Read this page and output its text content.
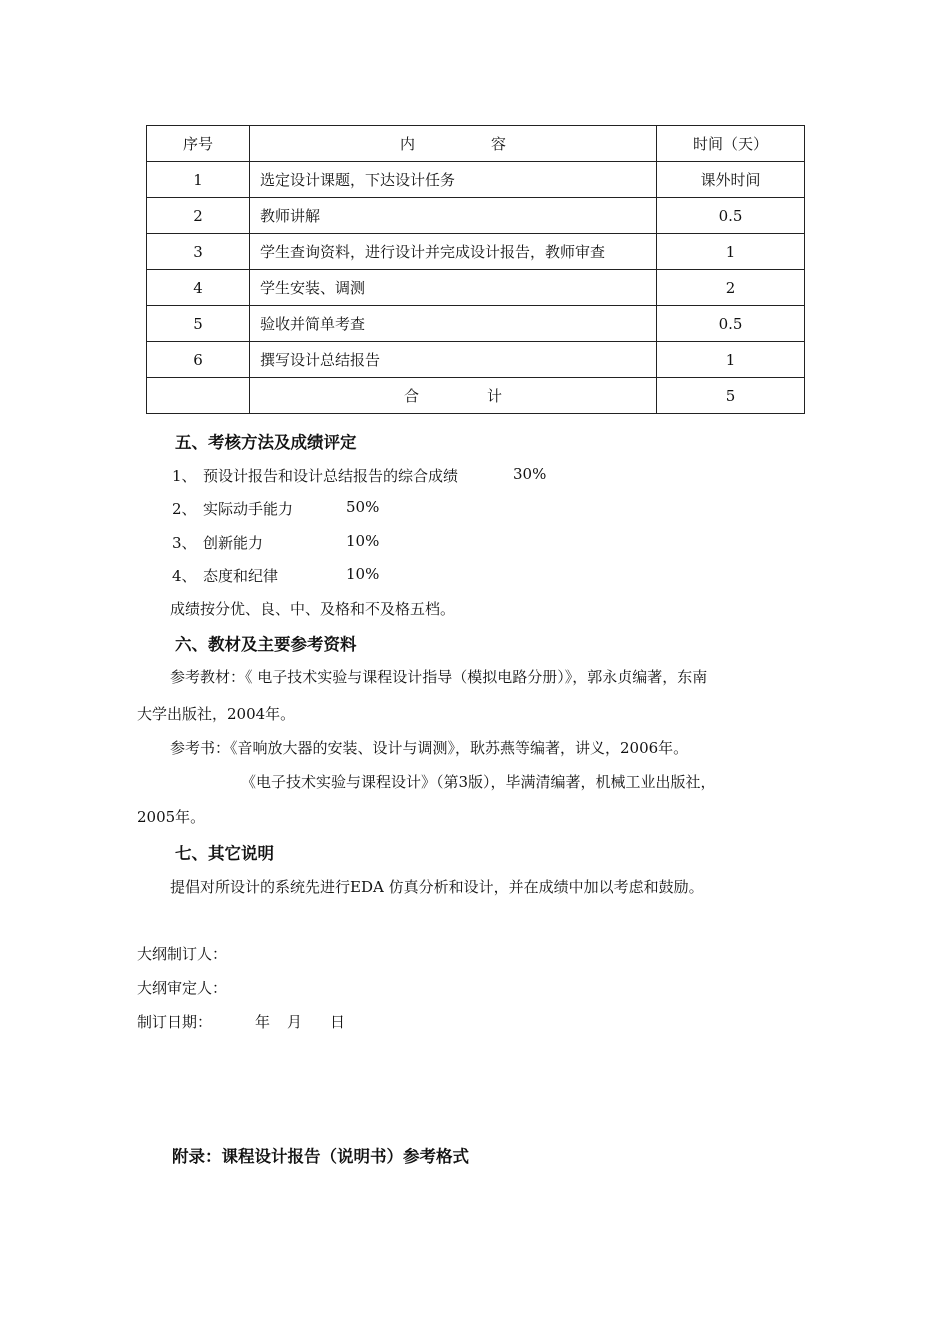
序号	内 容	时间（天）
1	选定设计课题，下达设计任务	课外时间
2	教师讲解	0.5
3	学生查询资料，进行设计并完成设计报告，教师审查	1
4	学生安装、调测	2
5	验收并简单考查	0.5
6	撰写设计总结报告	1
	合 计	5
五、考核方法及成绩评定
1、 预设计报告和设计总结报告的综合成绩	30%
2、 实际动手能力	50%
3、 创新能力	10%
4、 态度和纪律	10%
成绩按分优、良、中、及格和不及格五档。
六、教材及主要参考资料
参考教材：《 电子技术实验与课程设计指导（模拟电路分册）》，郭永贞编著，东南
大学出版社，2004年。
参考书：《音响放大器的安装、设计与调测》，耿苏燕等编著，讲义，2006年。
《电子技术实验与课程设计》（第3版），毕满清编著，机械工业出版社，
2005年。
七、其它说明
提倡对所设计的系统先进行EDA 仿真分析和设计，并在成绩中加以考虑和鼓励。
大纲制订人：
大纲审定人：
制订日期：	年 月 日
附录：课程设计报告（说明书）参考格式
